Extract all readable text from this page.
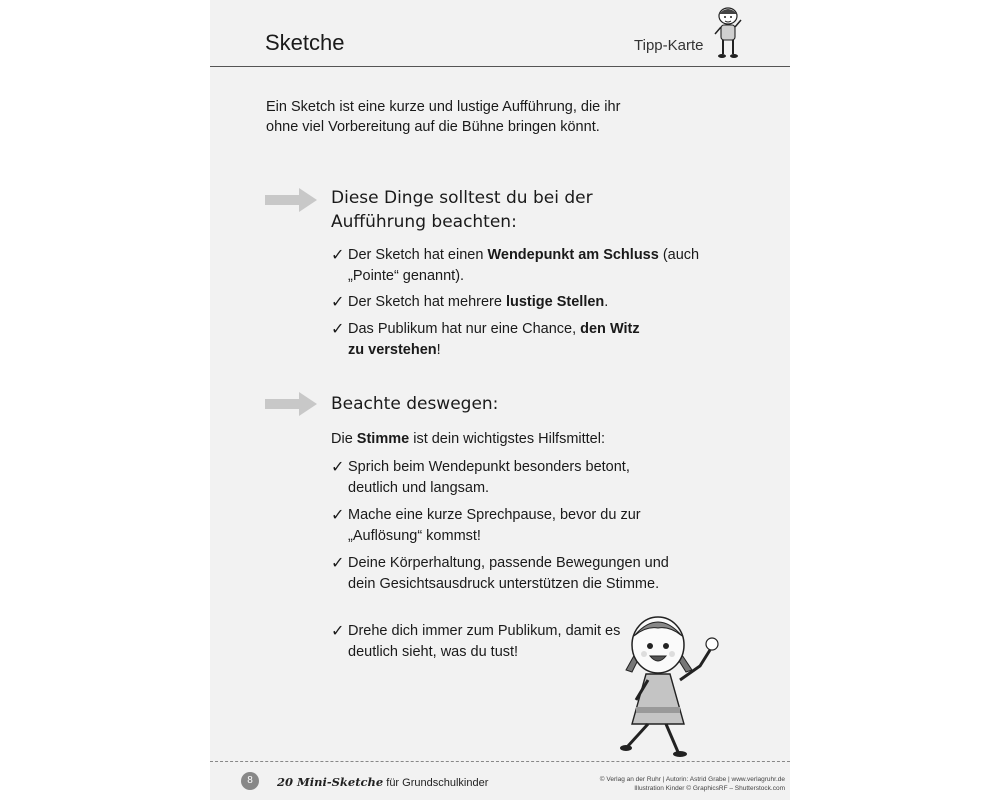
Sketche	Tipp-Karte
Ein Sketch ist eine kurze und lustige Aufführung, die ihr ohne viel Vorbereitung auf die Bühne bringen könnt.
Diese Dinge solltest du bei der Aufführung beachten:
✓ Der Sketch hat einen Wendepunkt am Schluss (auch „Pointe“ genannt).
✓ Der Sketch hat mehrere lustige Stellen.
✓ Das Publikum hat nur eine Chance, den Witz zu verstehen!
Beachte deswegen:
Die Stimme ist dein wichtigstes Hilfsmittel:
✓ Sprich beim Wendepunkt besonders betont, deutlich und langsam.
✓ Mache eine kurze Sprechpause, bevor du zur „Auflösung“ kommst!
✓ Deine Körperhaltung, passende Bewegungen und dein Gesichtsausdruck unterstützen die Stimme.
✓ Drehe dich immer zum Publikum, damit es deutlich sieht, was du tust!
8	20 Mini-Sketche für Grundschulkinder	© Verlag an der Ruhr | Autorin: Astrid Grabe | www.verlagruhr.de
Illustration Kinder © GraphicsRF – Shutterstock.com
